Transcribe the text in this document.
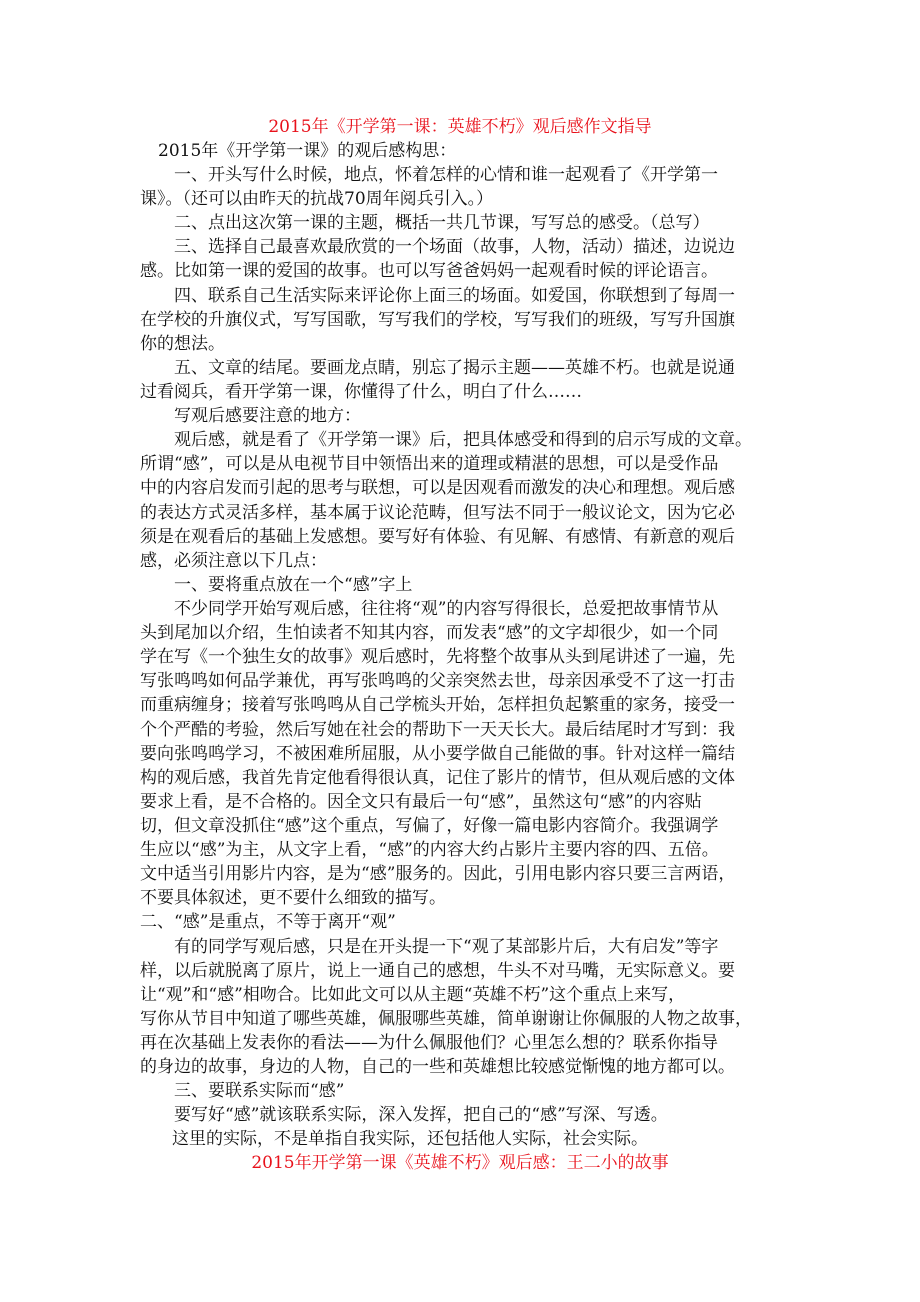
2015年《开学第一课：英雄不朽》观后感作文指导
2015年《开学第一课》的观后感构思：
一、开头写什么时候，地点，怀着怎样的心情和谁一起观看了《开学第一
课》。（还可以由昨天的抗战70周年阅兵引入。）
二、点出这次第一课的主题，概括一共几节课，写写总的感受。（总写）
三、选择自己最喜欢最欣赏的一个场面（故事，人物，活动）描述，边说边
感。比如第一课的爱国的故事。也可以写爸爸妈妈一起观看时候的评论语言。
四、联系自己生活实际来评论你上面三的场面。如爱国，你联想到了每周一
在学校的升旗仪式，写写国歌，写写我们的学校，写写我们的班级，写写升国旗
你的想法。
五、文章的结尾。要画龙点睛，别忘了揭示主题——英雄不朽。也就是说通
过看阅兵，看开学第一课，你懂得了什么，明白了什么……
写观后感要注意的地方：
观后感，就是看了《开学第一课》后，把具体感受和得到的启示写成的文章。
所谓“感”，可以是从电视节目中领悟出来的道理或精湛的思想，可以是受作品
中的内容启发而引起的思考与联想，可以是因观看而激发的决心和理想。观后感
的表达方式灵活多样，基本属于议论范畴，但写法不同于一般议论文，因为它必
须是在观看后的基础上发感想。要写好有体验、有见解、有感情、有新意的观后
感，必须注意以下几点：
一、要将重点放在一个“感”字上
不少同学开始写观后感，往往将“观”的内容写得很长，总爱把故事情节从
头到尾加以介绍，生怕读者不知其内容，而发表“感”的文字却很少，如一个同
学在写《一个独生女的故事》观后感时，先将整个故事从头到尾讲述了一遍，先
写张鸣鸣如何品学兼优，再写张鸣鸣的父亲突然去世，母亲因承受不了这一打击
而重病缠身；接着写张鸣鸣从自己学梳头开始，怎样担负起繁重的家务，接受一
个个严酷的考验，然后写她在社会的帮助下一天天长大。最后结尾时才写到：我
要向张鸣鸣学习，不被困难所屈服，从小要学做自己能做的事。针对这样一篇结
构的观后感，我首先肯定他看得很认真，记住了影片的情节，但从观后感的文体
要求上看，是不合格的。因全文只有最后一句“感”，虽然这句“感”的内容贴
切，但文章没抓住“感”这个重点，写偏了，好像一篇电影内容简介。我强调学
生应以“感”为主，从文字上看，“感”的内容大约占影片主要内容的四、五倍。
文中适当引用影片内容，是为“感”服务的。因此，引用电影内容只要三言两语，
不要具体叙述，更不要什么细致的描写。
二、“感”是重点，不等于离开“观”
有的同学写观后感，只是在开头提一下“观了某部影片后，大有启发”等字
样，以后就脱离了原片，说上一通自己的感想，牛头不对马嘴，无实际意义。要
让“观”和“感”相吻合。比如此文可以从主题“英雄不朽”这个重点上来写，
写你从节目中知道了哪些英雄，佩服哪些英雄，简单谢谢让你佩服的人物之故事，
再在次基础上发表你的看法——为什么佩服他们？心里怎么想的？联系你指导
的身边的故事，身边的人物，自己的一些和英雄想比较感觉惭愧的地方都可以。
三、要联系实际而“感”
要写好“感”就该联系实际，深入发挥，把自己的“感”写深、写透。
这里的实际，不是单指自我实际，还包括他人实际，社会实际。
2015年开学第一课《英雄不朽》观后感：王二小的故事
